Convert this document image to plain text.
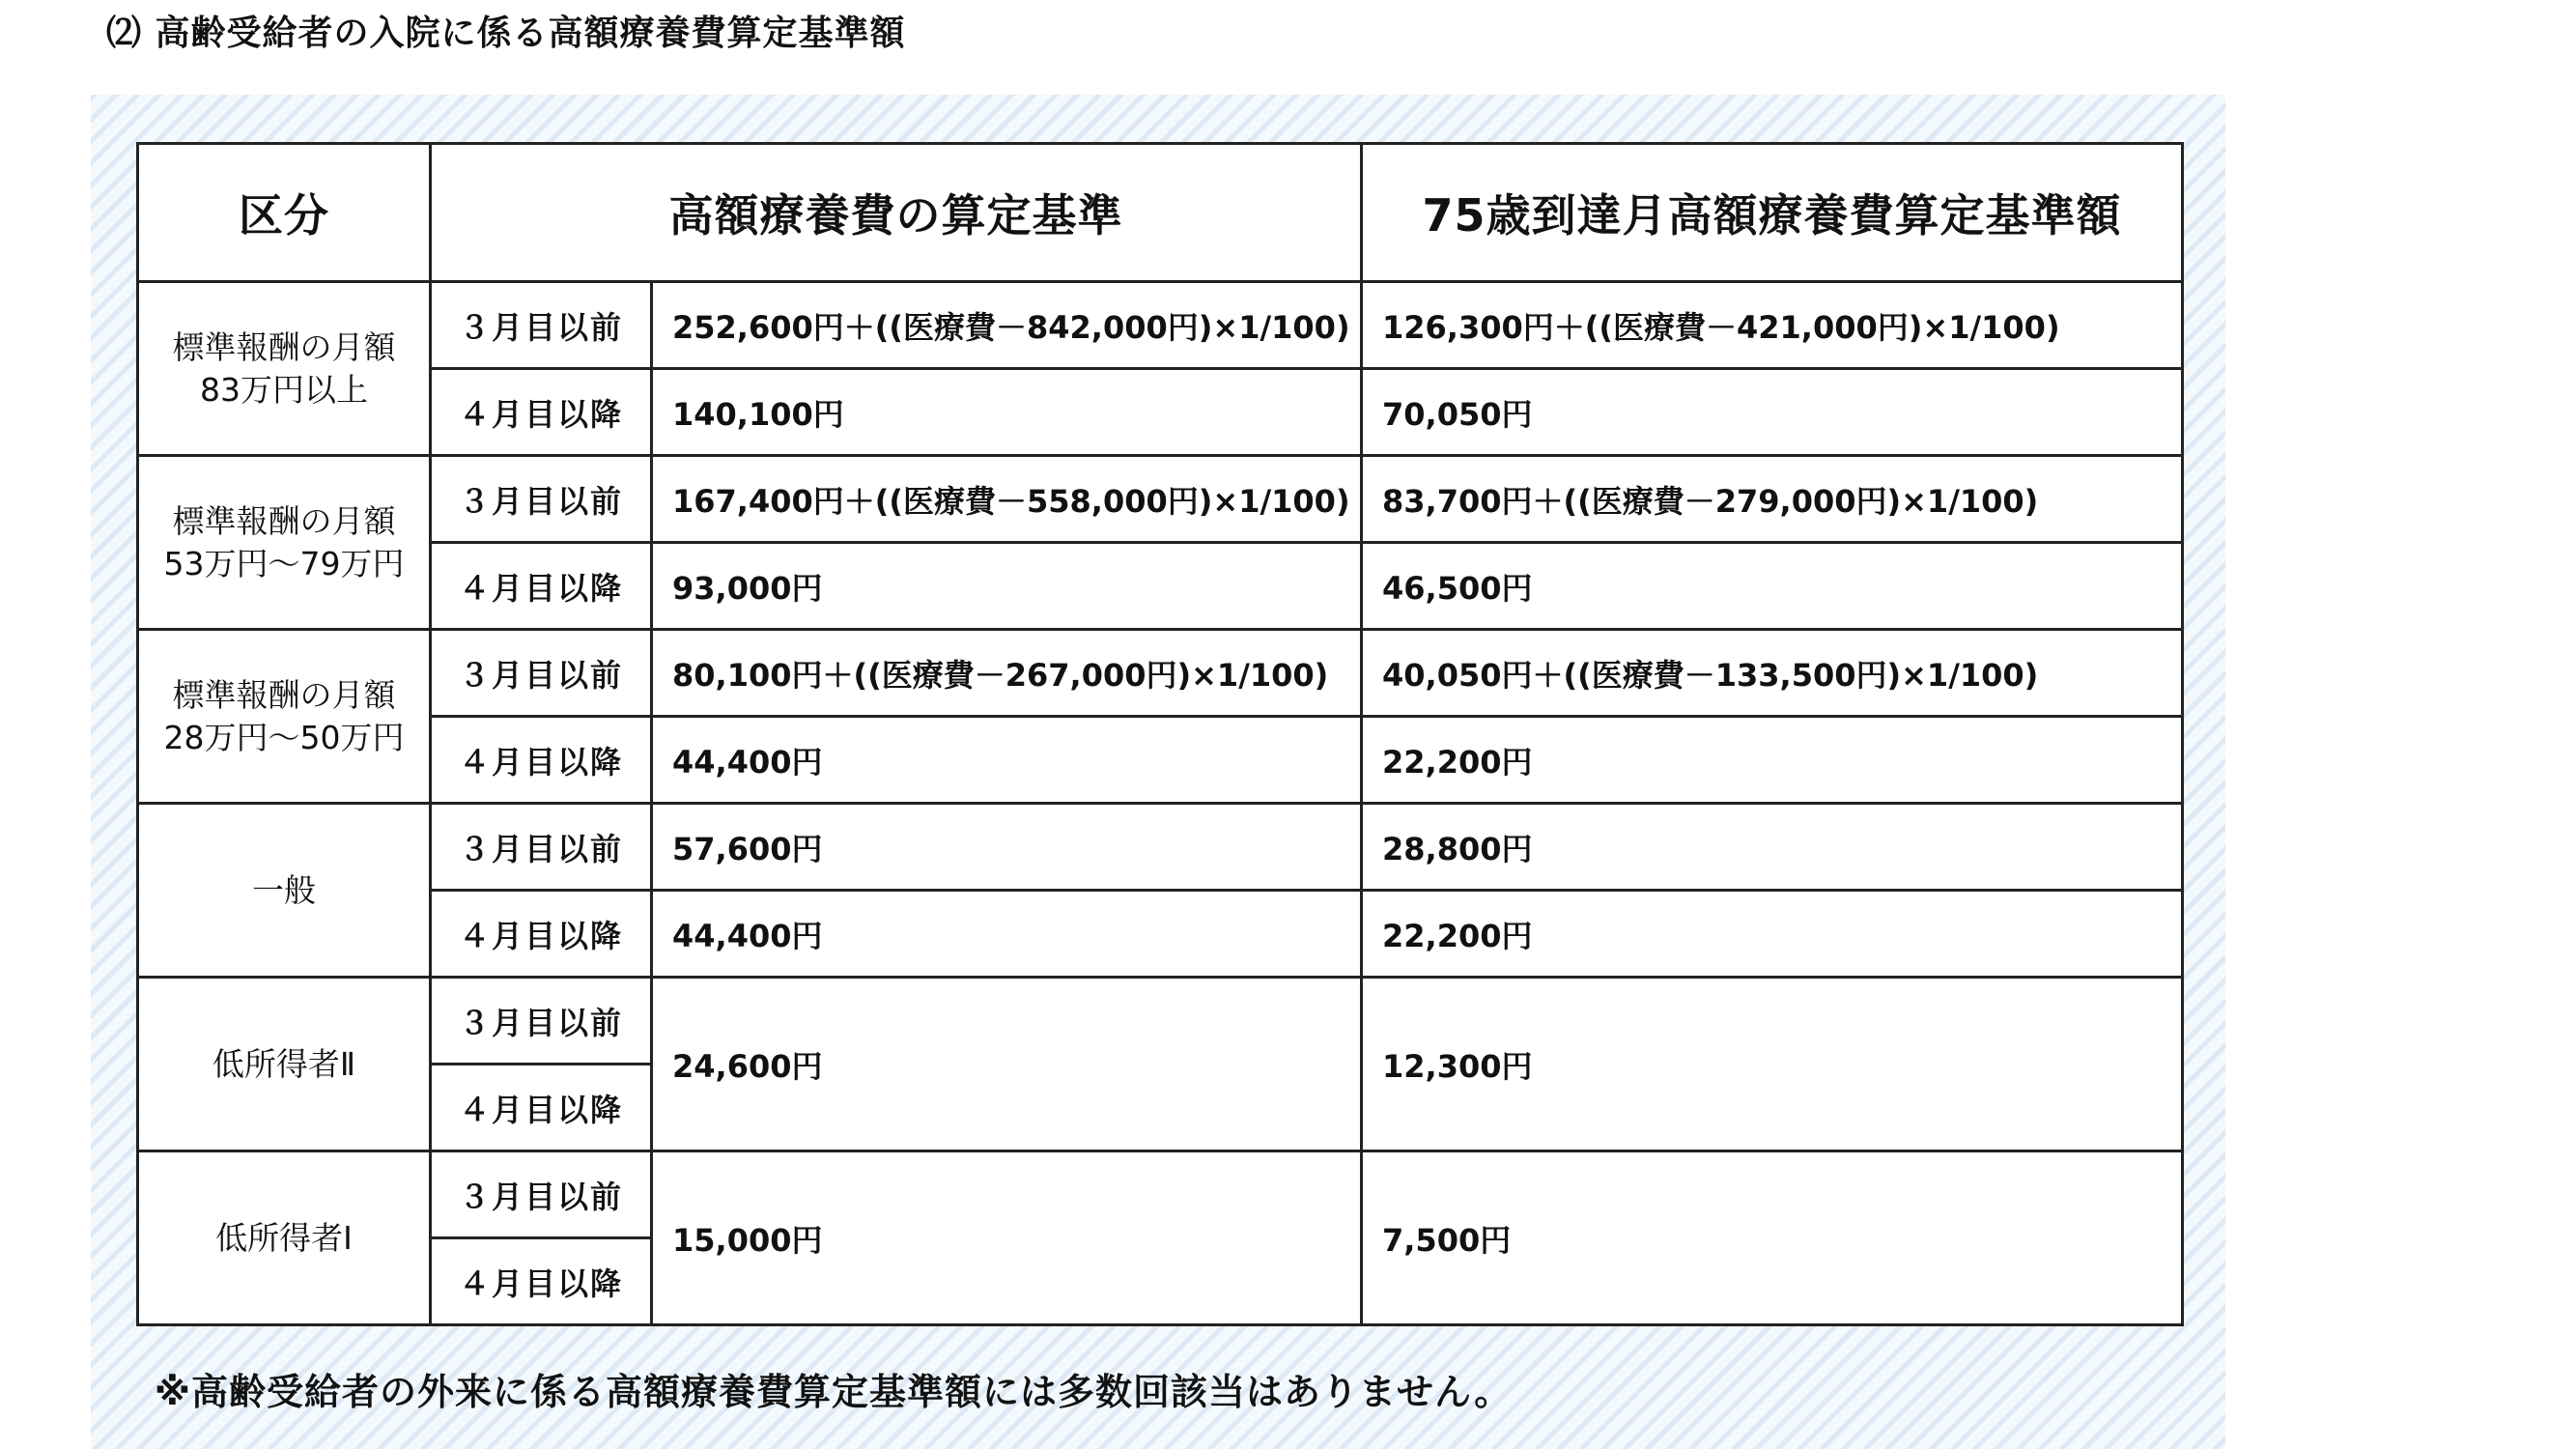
⑵ 高齢受給者の入院に係る高額療養費算定基準額
区分	高額療養費の算定基準		75歳到達月高額療養費算定基準額

標準報酬の月額
83万円以上	３月目以前	252,600円＋((医療費－842,000円)×1/100)	126,300円＋((医療費－421,000円)×1/100)
	４月目以降	140,100円	70,050円

標準報酬の月額
53万円～79万円	３月目以前	167,400円＋((医療費－558,000円)×1/100)	83,700円＋((医療費－279,000円)×1/100)
	４月目以降	93,000円	46,500円

標準報酬の月額
28万円～50万円	３月目以前	80,100円＋((医療費－267,000円)×1/100)	40,050円＋((医療費－133,500円)×1/100)
	４月目以降	44,400円	22,200円

一般	３月目以前	57,600円	28,800円
	４月目以降	44,400円	22,200円

低所得者Ⅱ	３月目以前	24,600円	12,300円
	４月目以降		

低所得者Ⅰ	３月目以前	15,000円	7,500円
	４月目以降		
※高齢受給者の外来に係る高額療養費算定基準額には多数回該当はありません。
